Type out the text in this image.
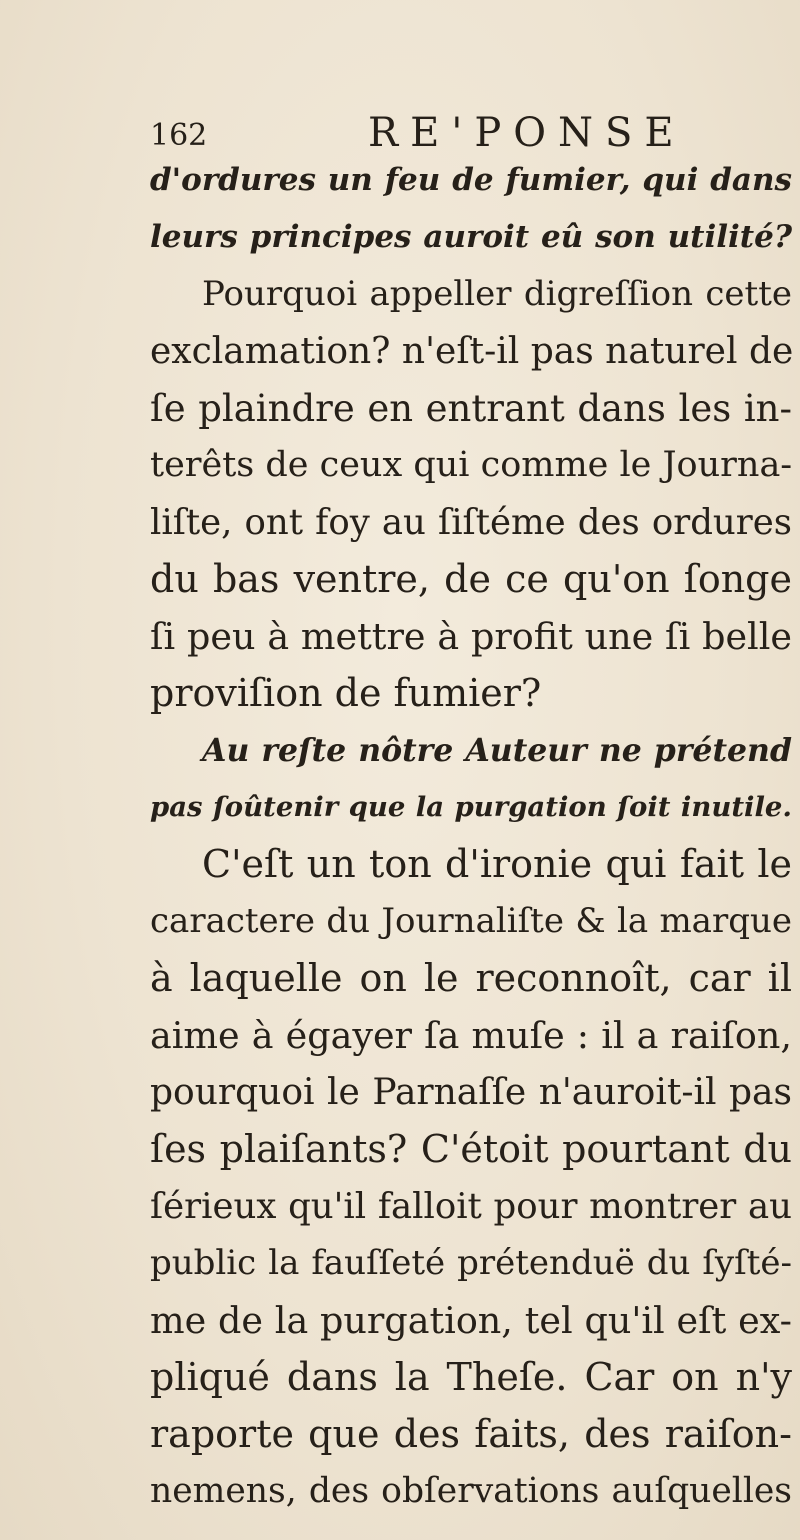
162	RE'PONSE
d'ordures un feu de fumier, qui dans
leurs principes auroit eû son utilité?
Pourquoi appeller digreſſion cette
exclamation? n'eſt-il pas naturel de
ſe plaindre en entrant dans les in-
terêts de ceux qui comme le Journa-
liſte, ont foy au ſiſtéme des ordures
du bas ventre, de ce qu'on ſonge
ſi peu à mettre à profit une ſi belle
proviſion de fumier?
Au reſte nôtre Auteur ne prétend
pas ſoûtenir que la purgation ſoit inutile.
C'eſt un ton d'ironie qui fait le
caractere du Journaliſte & la marque
à laquelle on le reconnoît, car il
aime à égayer ſa muſe : il a raiſon,
pourquoi le Parnaſſe n'auroit-il pas
ſes plaiſants? C'étoit pourtant du
ſérieux qu'il falloit pour montrer au
public la fauſſeté prétenduë du ſyſté-
me de la purgation, tel qu'il eſt ex-
pliqué dans la Theſe. Car on n'y
raporte que des faits, des raiſon-
nemens, des obſervations auſquelles
